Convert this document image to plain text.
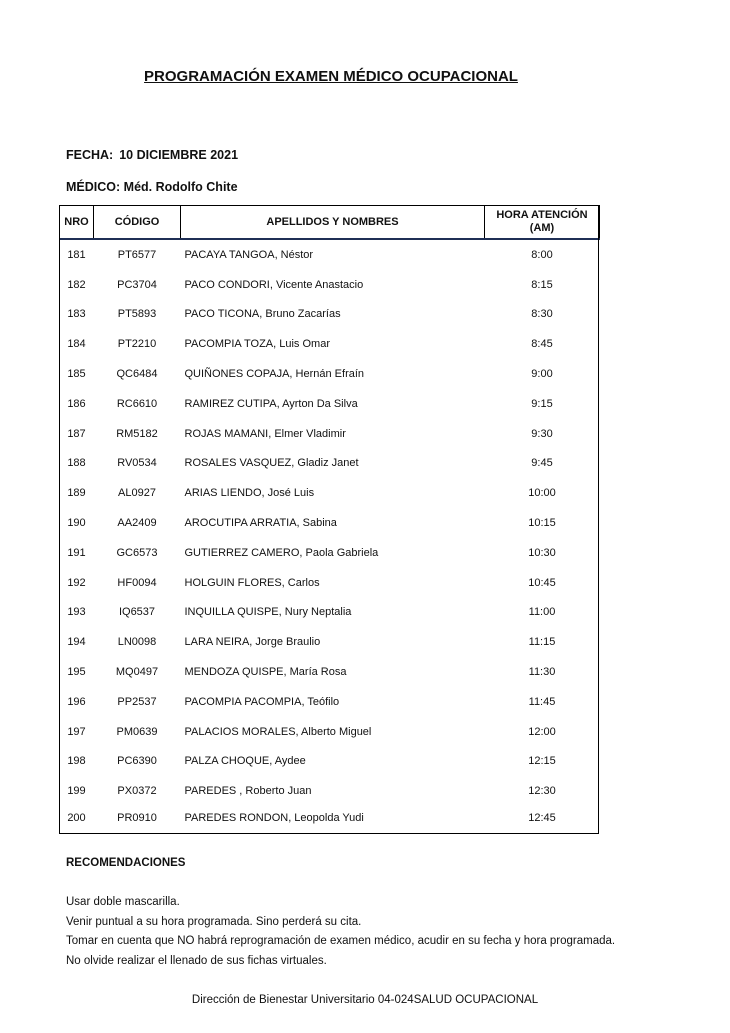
PROGRAMACIÓN EXAMEN MÉDICO OCUPACIONAL
FECHA: 10 DICIEMBRE 2021
MÉDICO: Méd. Rodolfo Chite
NRO	CÓDIGO	APELLIDOS Y NOMBRES	HORA ATENCIÓN
(AM)

181	PT6577	PACAYA TANGOA, Néstor	8:00
182	PC3704	PACO CONDORI, Vicente Anastacio	8:15
183	PT5893	PACO TICONA, Bruno Zacarías	8:30
184	PT2210	PACOMPIA TOZA, Luis Omar	8:45
185	QC6484	QUIÑONES COPAJA, Hernán Efraín	9:00
186	RC6610	RAMIREZ CUTIPA, Ayrton Da Silva	9:15
187	RM5182	ROJAS MAMANI, Elmer Vladimir	9:30
188	RV0534	ROSALES VASQUEZ, Gladiz Janet	9:45
189	AL0927	ARIAS LIENDO, José Luis	10:00
190	AA2409	AROCUTIPA ARRATIA, Sabina	10:15
191	GC6573	GUTIERREZ CAMERO, Paola Gabriela	10:30
192	HF0094	HOLGUIN FLORES, Carlos	10:45
193	IQ6537	INQUILLA QUISPE, Nury Neptalia	11:00
194	LN0098	LARA NEIRA, Jorge Braulio	11:15
195	MQ0497	MENDOZA QUISPE, María Rosa	11:30
196	PP2537	PACOMPIA PACOMPIA, Teófilo	11:45
197	PM0639	PALACIOS MORALES, Alberto Miguel	12:00
198	PC6390	PALZA CHOQUE, Aydee	12:15
199	PX0372	PAREDES , Roberto Juan	12:30
200	PR0910	PAREDES RONDON, Leopolda Yudi	12:45
RECOMENDACIONES
Usar doble mascarilla.
Venir puntual a su hora programada. Sino perderá su cita.
Tomar en cuenta que NO habrá reprogramación de examen médico, acudir en su fecha y hora programada.
No olvide realizar el llenado de sus fichas virtuales.
Dirección de Bienestar Universitario 04-024SALUD OCUPACIONAL
